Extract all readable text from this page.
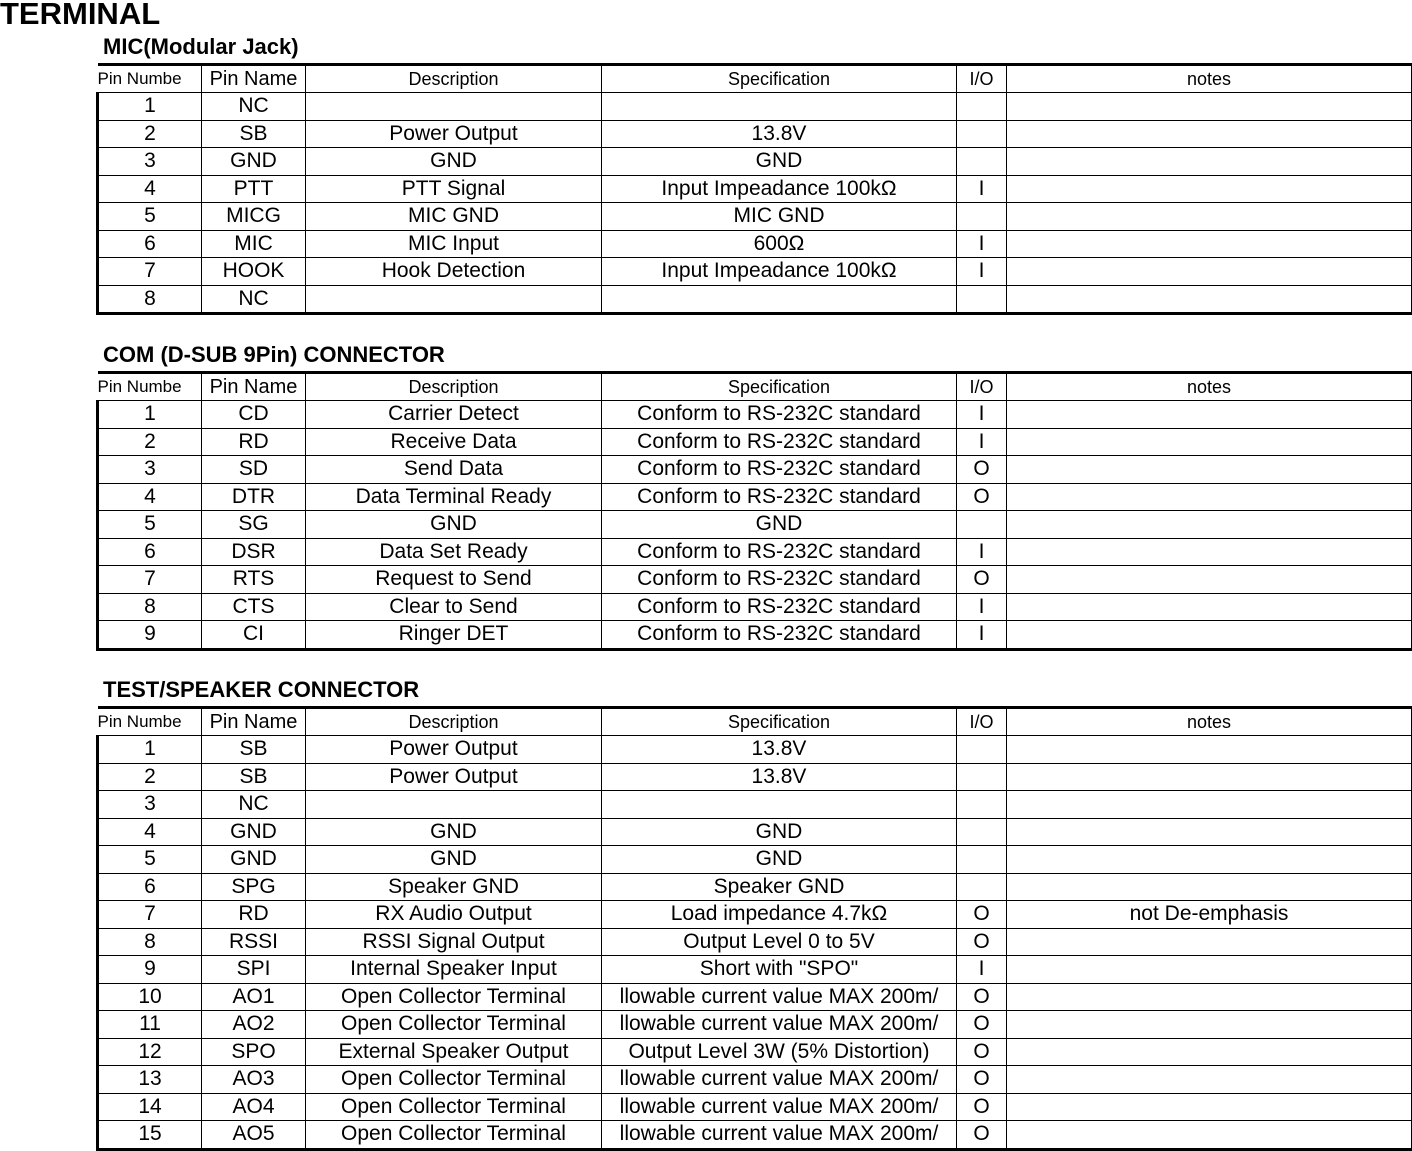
TERMINAL
MIC(Modular Jack)
Pin Numbe	Pin Name	Description	Specification	I/O	notes
1	NC				
2	SB	Power Output	13.8V		
3	GND	GND	GND		
4	PTT	PTT Signal	Input Impeadance 100kΩ	I	
5	MICG	MIC GND	MIC GND		
6	MIC	MIC Input	600Ω	I	
7	HOOK	Hook Detection	Input Impeadance 100kΩ	I	
8	NC				
COM (D-SUB 9Pin) CONNECTOR
Pin Numbe	Pin Name	Description	Specification	I/O	notes
1	CD	Carrier Detect	Conform to RS-232C standard	I	
2	RD	Receive Data	Conform to RS-232C standard	I	
3	SD	Send Data	Conform to RS-232C standard	O	
4	DTR	Data Terminal Ready	Conform to RS-232C standard	O	
5	SG	GND	GND		
6	DSR	Data Set Ready	Conform to RS-232C standard	I	
7	RTS	Request to Send	Conform to RS-232C standard	O	
8	CTS	Clear to Send	Conform to RS-232C standard	I	
9	CI	Ringer DET	Conform to RS-232C standard	I	
TEST/SPEAKER CONNECTOR
Pin Numbe	Pin Name	Description	Specification	I/O	notes
1	SB	Power Output	13.8V		
2	SB	Power Output	13.8V		
3	NC				
4	GND	GND	GND		
5	GND	GND	GND		
6	SPG	Speaker GND	Speaker GND		
7	RD	RX Audio Output	Load impedance 4.7kΩ	O	not De-emphasis
8	RSSI	RSSI Signal Output	Output Level 0 to 5V	O	
9	SPI	Internal Speaker Input	Short with "SPO"	I	
10	AO1	Open Collector Terminal	llowable current value MAX 200m/	O	
11	AO2	Open Collector Terminal	llowable current value MAX 200m/	O	
12	SPO	External Speaker Output	Output Level 3W (5% Distortion)	O	
13	AO3	Open Collector Terminal	llowable current value MAX 200m/	O	
14	AO4	Open Collector Terminal	llowable current value MAX 200m/	O	
15	AO5	Open Collector Terminal	llowable current value MAX 200m/	O	
